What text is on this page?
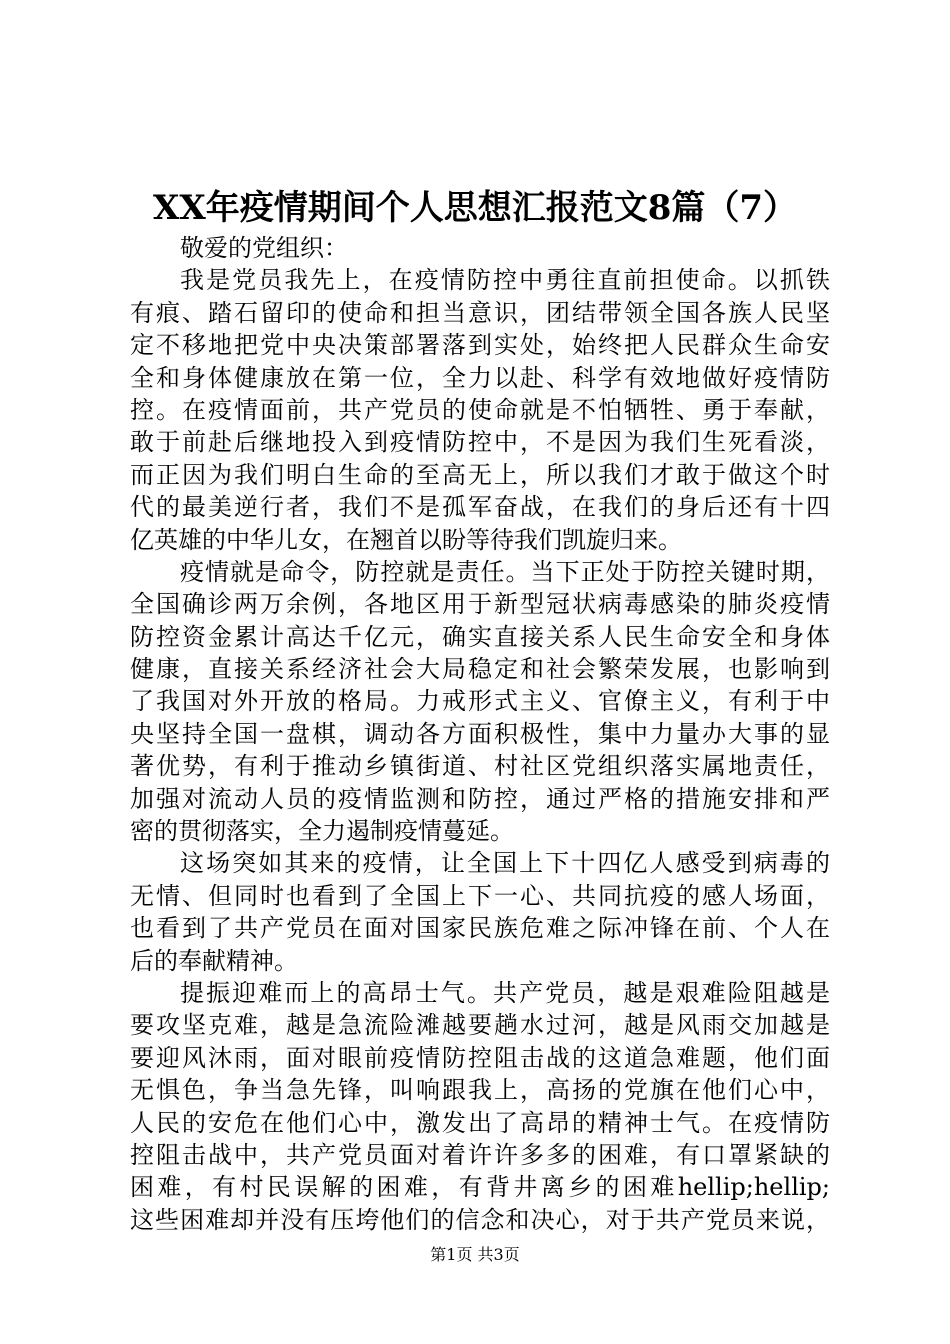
XX年疫情期间个人思想汇报范文8篇（7）
敬爱的党组织：
我是党员我先上，在疫情防控中勇往直前担使命。以抓铁
有痕、踏石留印的使命和担当意识，团结带领全国各族人民坚
定不移地把党中央决策部署落到实处，始终把人民群众生命安
全和身体健康放在第一位，全力以赴、科学有效地做好疫情防
控。在疫情面前，共产党员的使命就是不怕牺牲、勇于奉献，
敢于前赴后继地投入到疫情防控中，不是因为我们生死看淡，
而正因为我们明白生命的至高无上，所以我们才敢于做这个时
代的最美逆行者，我们不是孤军奋战，在我们的身后还有十四
亿英雄的中华儿女，在翘首以盼等待我们凯旋归来。
疫情就是命令，防控就是责任。当下正处于防控关键时期，
全国确诊两万余例，各地区用于新型冠状病毒感染的肺炎疫情
防控资金累计高达千亿元，确实直接关系人民生命安全和身体
健康，直接关系经济社会大局稳定和社会繁荣发展，也影响到
了我国对外开放的格局。力戒形式主义、官僚主义，有利于中
央坚持全国一盘棋，调动各方面积极性，集中力量办大事的显
著优势，有利于推动乡镇街道、村社区党组织落实属地责任，
加强对流动人员的疫情监测和防控，通过严格的措施安排和严
密的贯彻落实，全力遏制疫情蔓延。
这场突如其来的疫情，让全国上下十四亿人感受到病毒的
无情、但同时也看到了全国上下一心、共同抗疫的感人场面，
也看到了共产党员在面对国家民族危难之际冲锋在前、个人在
后的奉献精神。
提振迎难而上的高昂士气。共产党员，越是艰难险阻越是
要攻坚克难，越是急流险滩越要趟水过河，越是风雨交加越是
要迎风沐雨，面对眼前疫情防控阻击战的这道急难题，他们面
无惧色，争当急先锋，叫响跟我上，高扬的党旗在他们心中，
人民的安危在他们心中，激发出了高昂的精神士气。在疫情防
控阻击战中，共产党员面对着许许多多的困难，有口罩紧缺的
困难，有村民误解的困难，有背井离乡的困难hellip;hellip;
这些困难却并没有压垮他们的信念和决心，对于共产党员来说，
第1页 共3页
